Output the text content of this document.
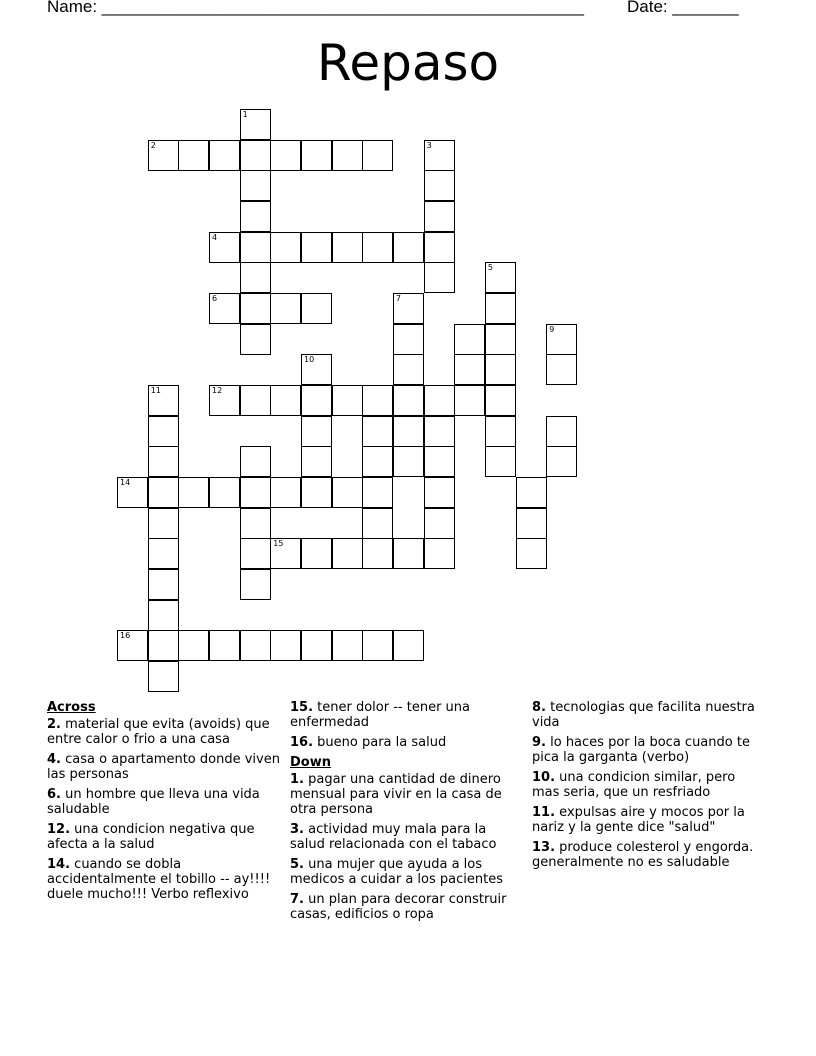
Name: ___________________________________________________	Date: _______
Repaso
1
2	3
4
5
6	7
9
10
11	12
14
15
16
Across
2. material que evita (avoids) que entre calor o frio a una casa
4. casa o apartamento donde viven las personas
6. un hombre que lleva una vida saludable
12. una condicion negativa que afecta a la salud
14. cuando se dobla accidentalmente el tobillo -- ay!!!! duele mucho!!! Verbo reflexivo
15. tener dolor -- tener una enfermedad
16. bueno para la salud
Down
1. pagar una cantidad de dinero mensual para vivir en la casa de otra persona
3. actividad muy mala para la salud relacionada con el tabaco
5. una mujer que ayuda a los medicos a cuidar a los pacientes
7. un plan para decorar construir casas, edificios o ropa
8. tecnologias que facilita nuestra vida
9. lo haces por la boca cuando te pica la garganta (verbo)
10. una condicion similar, pero mas seria, que un resfriado
11. expulsas aire y mocos por la nariz y la gente dice "salud"
13. produce colesterol y engorda. generalmente no es saludable
